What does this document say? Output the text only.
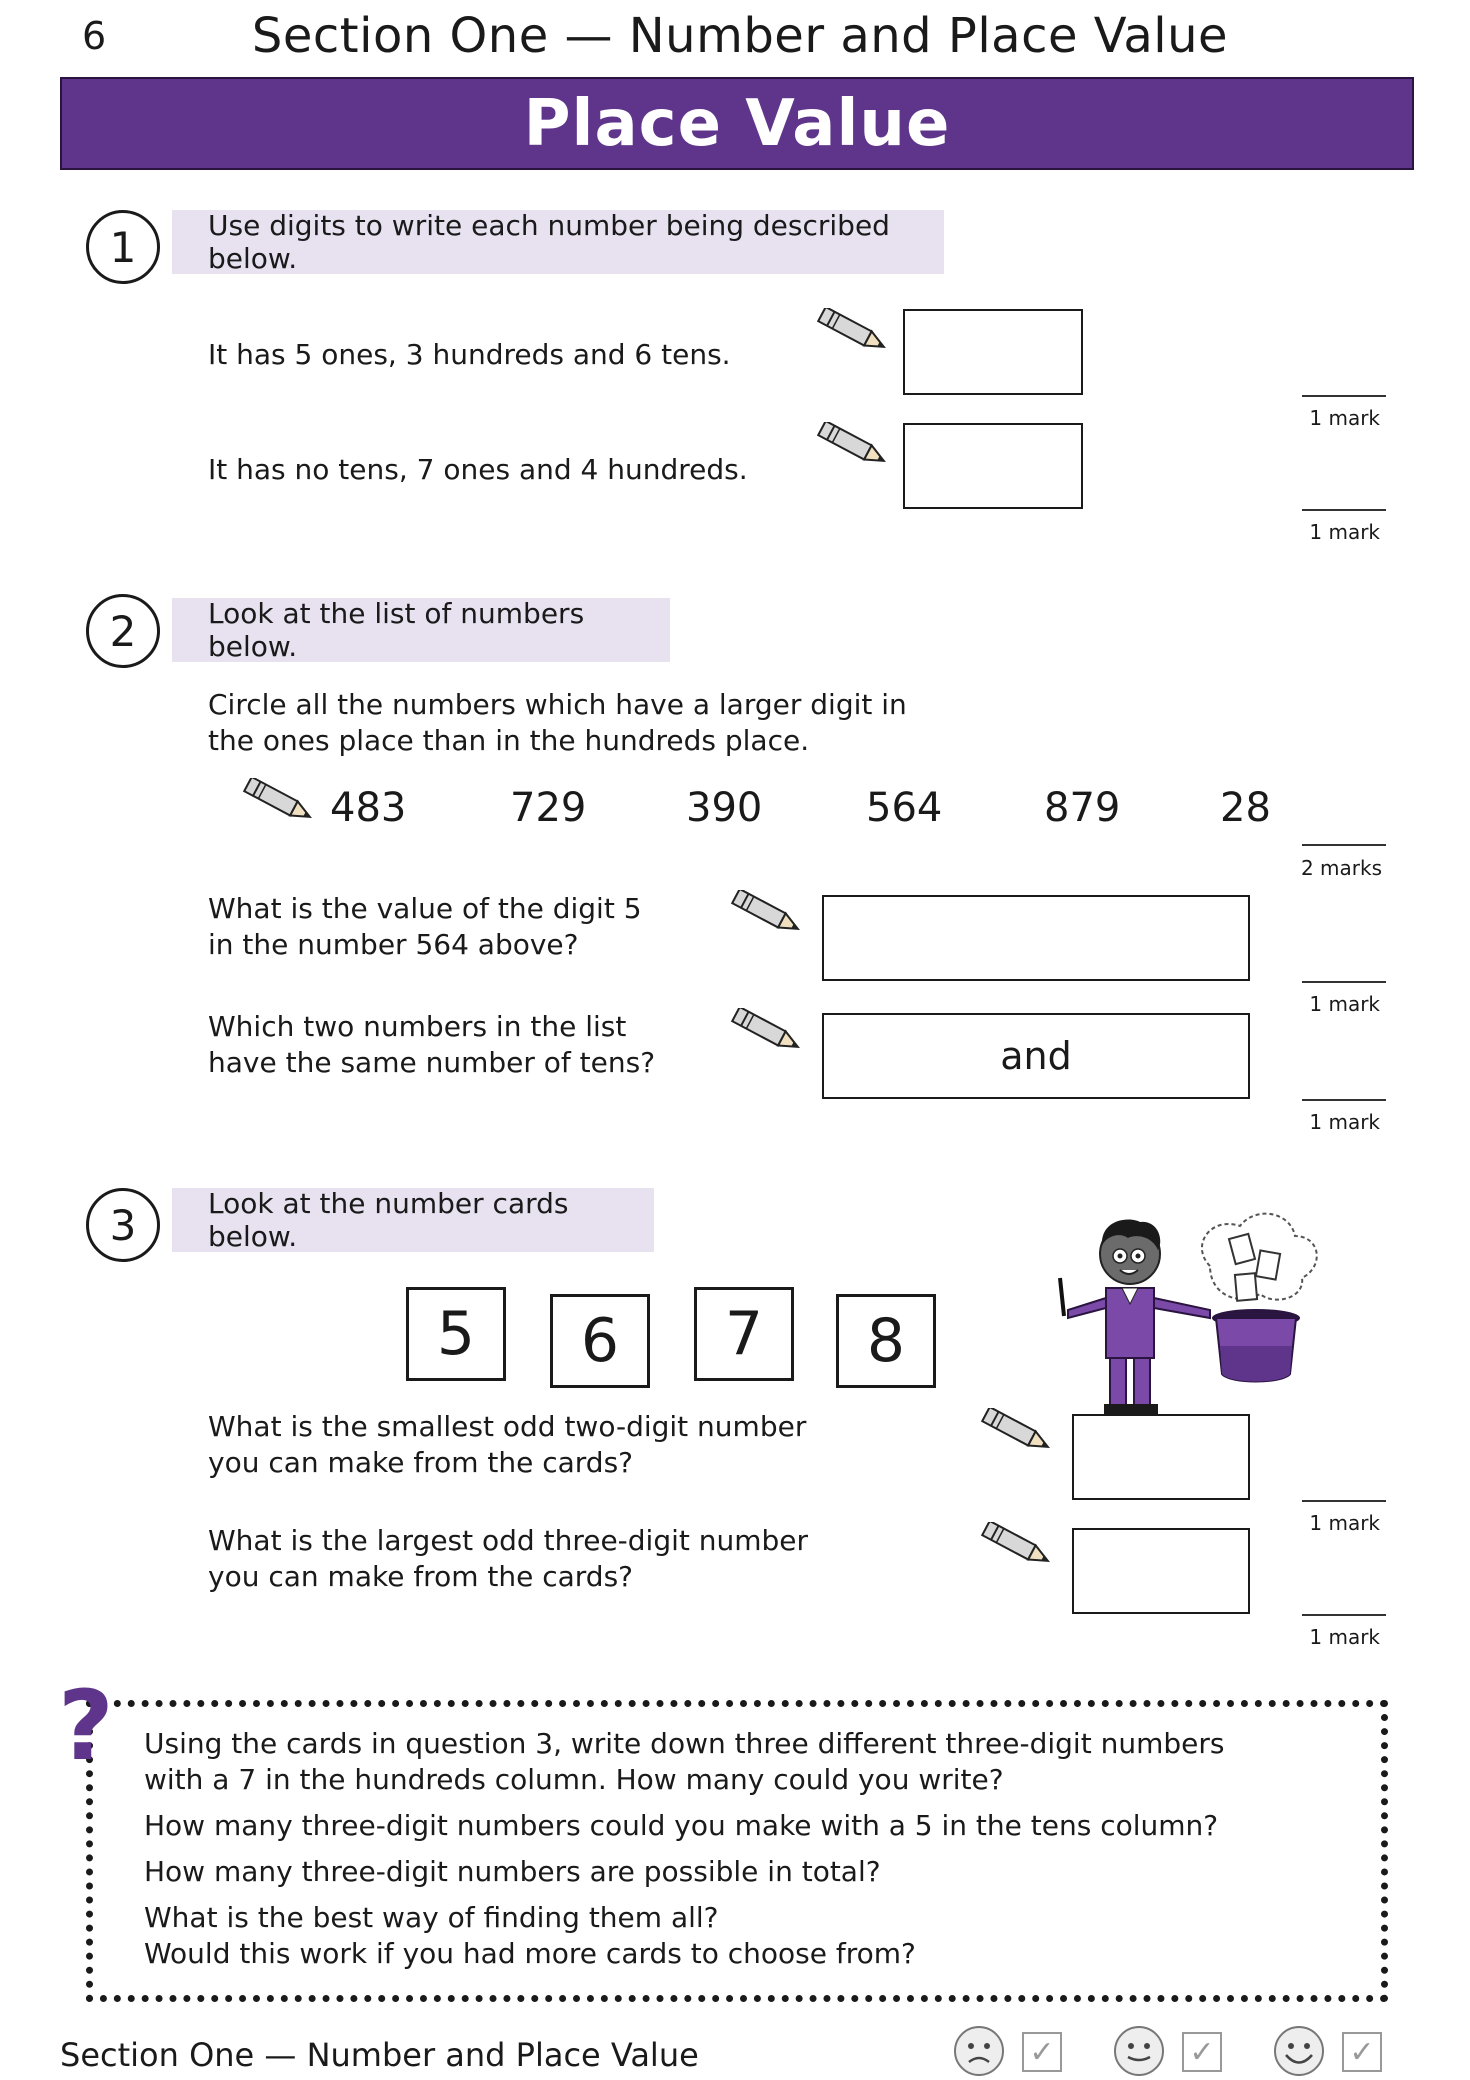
6	Section One — Number and Place Value
Place Value
1	Use digits to write each number being described below.
It has 5 ones, 3 hundreds and 6 tens.
1 mark
It has no tens, 7 ones and 4 hundreds.
1 mark
2	Look at the list of numbers below.
Circle all the numbers which have a larger digit in
the ones place than in the hundreds place.
483	729 390	564	879 28
2 marks
What is the value of the digit 5
in the number 564 above?
1 mark
Which two numbers in the list
have the same number of tens?	and
1 mark
3	Look at the number cards below.
5	6	7	8
What is the smallest odd two-digit number
you can make from the cards?
1 mark
What is the largest odd three-digit number
you can make from the cards?
1 mark
? Using the cards in question 3, write down three different three-digit numbers
with a 7 in the hundreds column. How many could you write?
How many three-digit numbers could you make with a 5 in the tens column?
How many three-digit numbers are possible in total?
What is the best way of finding them all?
Would this work if you had more cards to choose from?
Section One — Number and Place Value	✓	✓	✓
